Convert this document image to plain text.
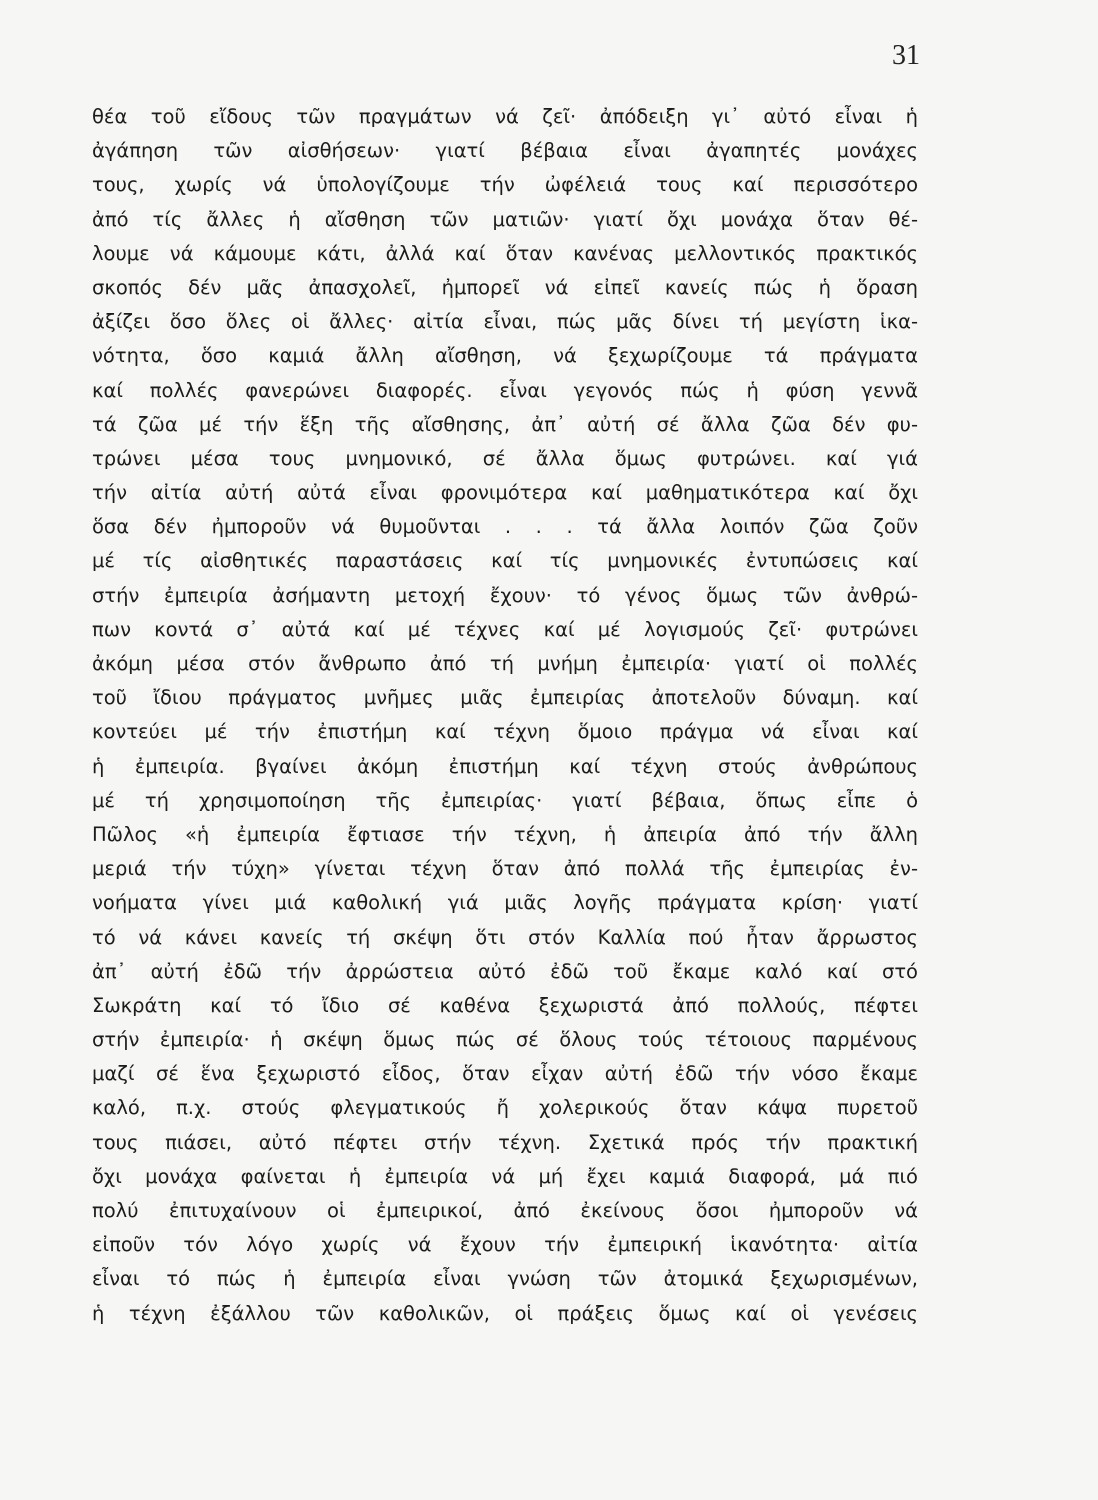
31
θέα τοῦ εἴδους τῶν πραγμάτων νά ζεῖ· ἀπόδειξη γι᾽ αὐτό εἶναι ἡ
ἀγάπηση τῶν αἰσθήσεων· γιατί βέβαια εἶναι ἀγαπητές μονάχες
τους, χωρίς νά ὑπολογίζουμε τήν ὠφέλειά τους καί περισσότερο
ἀπό τίς ἄλλες ἡ αἴσθηση τῶν ματιῶν· γιατί ὄχι μονάχα ὅταν θέ-
λουμε νά κάμουμε κάτι, ἀλλά καί ὅταν κανένας μελλοντικός πρακτικός
σκοπός δέν μᾶς ἀπασχολεῖ, ἠμπορεῖ νά εἰπεῖ κανείς πώς ἡ ὅραση
ἀξίζει ὅσο ὅλες οἱ ἄλλες· αἰτία εἶναι, πώς μᾶς δίνει τή μεγίστη ἱκα-
νότητα, ὅσο καμιά ἄλλη αἴσθηση, νά ξεχωρίζουμε τά πράγματα
καί πολλές φανερώνει διαφορές. εἶναι γεγονός πώς ἡ φύση γεννᾶ
τά ζῶα μέ τήν ἕξη τῆς αἴσθησης, ἀπ᾽ αὐτή σέ ἄλλα ζῶα δέν φυ-
τρώνει μέσα τους μνημονικό, σέ ἄλλα ὅμως φυτρώνει. καί γιά
τήν αἰτία αὐτή αὐτά εἶναι φρονιμότερα καί μαθηματικότερα καί ὄχι
ὅσα δέν ἠμποροῦν νά θυμοῦνται . . . τά ἄλλα λοιπόν ζῶα ζοῦν
μέ τίς αἰσθητικές παραστάσεις καί τίς μνημονικές ἐντυπώσεις καί
στήν ἐμπειρία ἀσήμαντη μετοχή ἔχουν· τό γένος ὅμως τῶν ἀνθρώ-
πων κοντά σ᾽ αὐτά καί μέ τέχνες καί μέ λογισμούς ζεῖ· φυτρώνει
ἀκόμη μέσα στόν ἄνθρωπο ἀπό τή μνήμη ἐμπειρία· γιατί οἱ πολλές
τοῦ ἴδιου πράγματος μνῆμες μιᾶς ἐμπειρίας ἀποτελοῦν δύναμη. καί
κοντεύει μέ τήν ἐπιστήμη καί τέχνη ὅμοιο πράγμα νά εἶναι καί
ἡ ἐμπειρία. βγαίνει ἀκόμη ἐπιστήμη καί τέχνη στούς ἀνθρώπους
μέ τή χρησιμοποίηση τῆς ἐμπειρίας· γιατί βέβαια, ὅπως εἶπε ὁ
Πῶλος «ἡ ἐμπειρία ἔφτιασε τήν τέχνη, ἡ ἀπειρία ἀπό τήν ἄλλη
μεριά τήν τύχη» γίνεται τέχνη ὅταν ἀπό πολλά τῆς ἐμπειρίας ἐν-
νοήματα γίνει μιά καθολική γιά μιᾶς λογῆς πράγματα κρίση· γιατί
τό νά κάνει κανείς τή σκέψη ὅτι στόν Καλλία πού ἦταν ἄρρωστος
ἀπ᾽ αὐτή ἐδῶ τήν ἀρρώστεια αὐτό ἐδῶ τοῦ ἔκαμε καλό καί στό
Σωκράτη καί τό ἴδιο σέ καθένα ξεχωριστά ἀπό πολλούς, πέφτει
στήν ἐμπειρία· ἡ σκέψη ὅμως πώς σέ ὅλους τούς τέτοιους παρμένους
μαζί σέ ἕνα ξεχωριστό εἶδος, ὅταν εἶχαν αὐτή ἐδῶ τήν νόσο ἔκαμε
καλό, π.χ. στούς φλεγματικούς ἤ χολερικούς ὅταν κάψα πυρετοῦ
τους πιάσει, αὐτό πέφτει στήν τέχνη. Σχετικά πρός τήν πρακτική
ὄχι μονάχα φαίνεται ἡ ἐμπειρία νά μή ἔχει καμιά διαφορά, μά πιό
πολύ ἐπιτυχαίνουν οἱ ἐμπειρικοί, ἀπό ἐκείνους ὅσοι ἠμποροῦν νά
εἰποῦν τόν λόγο χωρίς νά ἔχουν τήν ἐμπειρική ἱκανότητα· αἰτία
εἶναι τό πώς ἡ ἐμπειρία εἶναι γνώση τῶν ἀτομικά ξεχωρισμένων,
ἡ τέχνη ἐξάλλου τῶν καθολικῶν, οἱ πράξεις ὅμως καί οἱ γενέσεις
